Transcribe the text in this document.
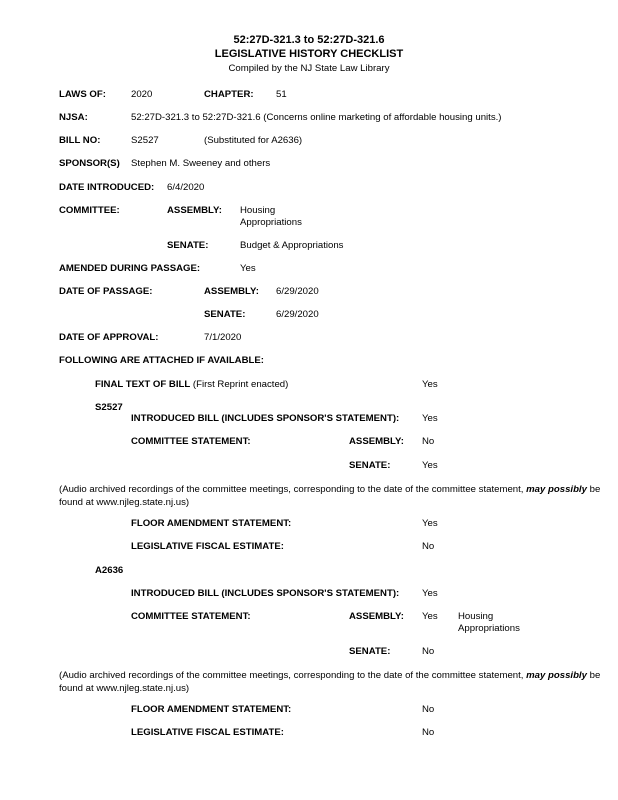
52:27D-321.3 to 52:27D-321.6
LEGISLATIVE HISTORY CHECKLIST
Compiled by the NJ State Law Library
LAWS OF:	2020	CHAPTER: 51
NJSA:	52:27D-321.3 to 52:27D-321.6 (Concerns online marketing of affordable housing units.)
BILL NO:	S2527	(Substituted for A2636)
SPONSOR(S) Stephen M. Sweeney and others
DATE INTRODUCED: 6/4/2020
COMMITTEE:	ASSEMBLY: Housing
Appropriations
SENATE:	Budget & Appropriations
AMENDED DURING PASSAGE:	Yes
DATE OF PASSAGE:	ASSEMBLY: 6/29/2020
SENATE:	6/29/2020
DATE OF APPROVAL:	7/1/2020
FOLLOWING ARE ATTACHED IF AVAILABLE:
FINAL TEXT OF BILL (First Reprint enacted)	Yes
S2527
INTRODUCED BILL (INCLUDES SPONSOR'S STATEMENT): Yes
COMMITTEE STATEMENT:	ASSEMBLY: No
SENATE:	Yes
(Audio archived recordings of the committee meetings, corresponding to the date of the committee statement, may possibly be found at www.njleg.state.nj.us)
FLOOR AMENDMENT STATEMENT:	Yes
LEGISLATIVE FISCAL ESTIMATE:	No
A2636
INTRODUCED BILL (INCLUDES SPONSOR'S STATEMENT): Yes
COMMITTEE STATEMENT:	ASSEMBLY: Yes Housing
Appropriations
SENATE:	No
(Audio archived recordings of the committee meetings, corresponding to the date of the committee statement, may possibly be found at www.njleg.state.nj.us)
FLOOR AMENDMENT STATEMENT:	No
LEGISLATIVE FISCAL ESTIMATE:	No
